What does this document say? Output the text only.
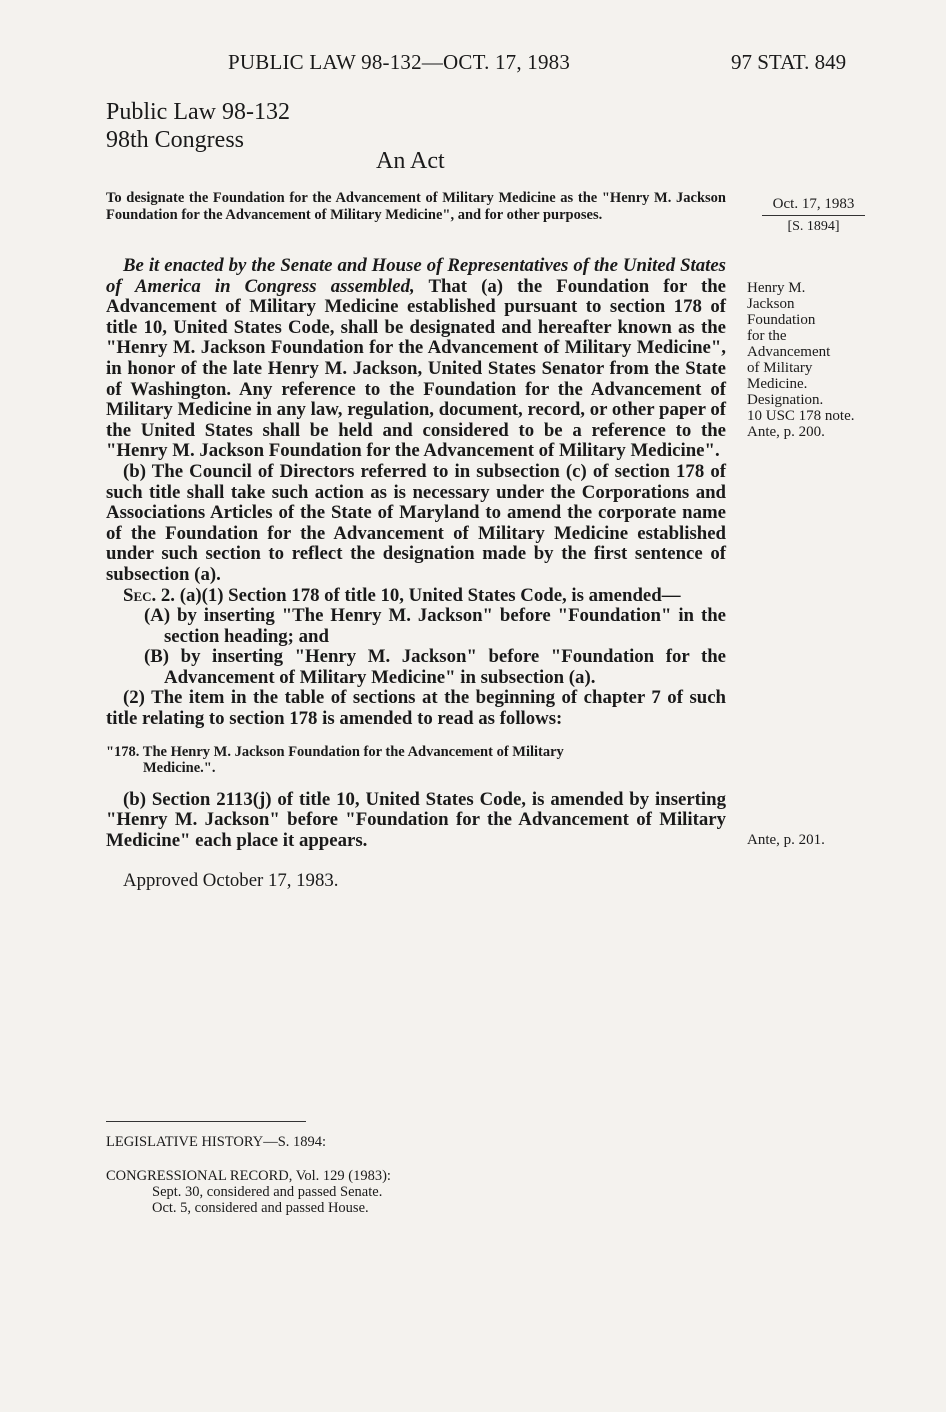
PUBLIC LAW 98-132—OCT. 17, 1983	97 STAT. 849
Public Law 98-132
98th Congress
An Act
To designate the Foundation for the Advancement of Military Medicine as the "Henry M. Jackson Foundation for the Advancement of Military Medicine", and for other purposes.
Oct. 17, 1983
[S. 1894]
Henry M.
Jackson
Foundation
for the
Advancement
of Military
Medicine.
Designation.
10 USC 178 note.
Ante, p. 200.
Ante, p. 201.

Be it enacted by the Senate and House of Representatives of the United States of America in Congress assembled, That (a) the Foundation for the Advancement of Military Medicine established pursuant to section 178 of title 10, United States Code, shall be designated and hereafter known as the "Henry M. Jackson Foundation for the Advancement of Military Medicine", in honor of the late Henry M. Jackson, United States Senator from the State of Washington. Any reference to the Foundation for the Advancement of Military Medicine in any law, regulation, document, record, or other paper of the United States shall be held and considered to be a reference to the "Henry M. Jackson Foundation for the Advancement of Military Medicine".

(b) The Council of Directors referred to in subsection (c) of section 178 of such title shall take such action as is necessary under the Corporations and Associations Articles of the State of Maryland to amend the corporate name of the Foundation for the Advancement of Military Medicine established under such section to reflect the designation made by the first sentence of subsection (a).

Sec. 2. (a)(1) Section 178 of title 10, United States Code, is amended—

(A) by inserting "The Henry M. Jackson" before "Foundation" in the section heading; and

(B) by inserting "Henry M. Jackson" before "Foundation for the Advancement of Military Medicine" in subsection (a).

(2) The item in the table of sections at the beginning of chapter 7 of such title relating to section 178 is amended to read as follows:

"178. The Henry M. Jackson Foundation for the Advancement of Military
Medicine.".

(b) Section 2113(j) of title 10, United States Code, is amended by inserting "Henry M. Jackson" before "Foundation for the Advancement of Military Medicine" each place it appears.

Approved October 17, 1983.

LEGISLATIVE HISTORY—S. 1894:
CONGRESSIONAL RECORD, Vol. 129 (1983):
Sept. 30, considered and passed Senate.
Oct. 5, considered and passed House.
